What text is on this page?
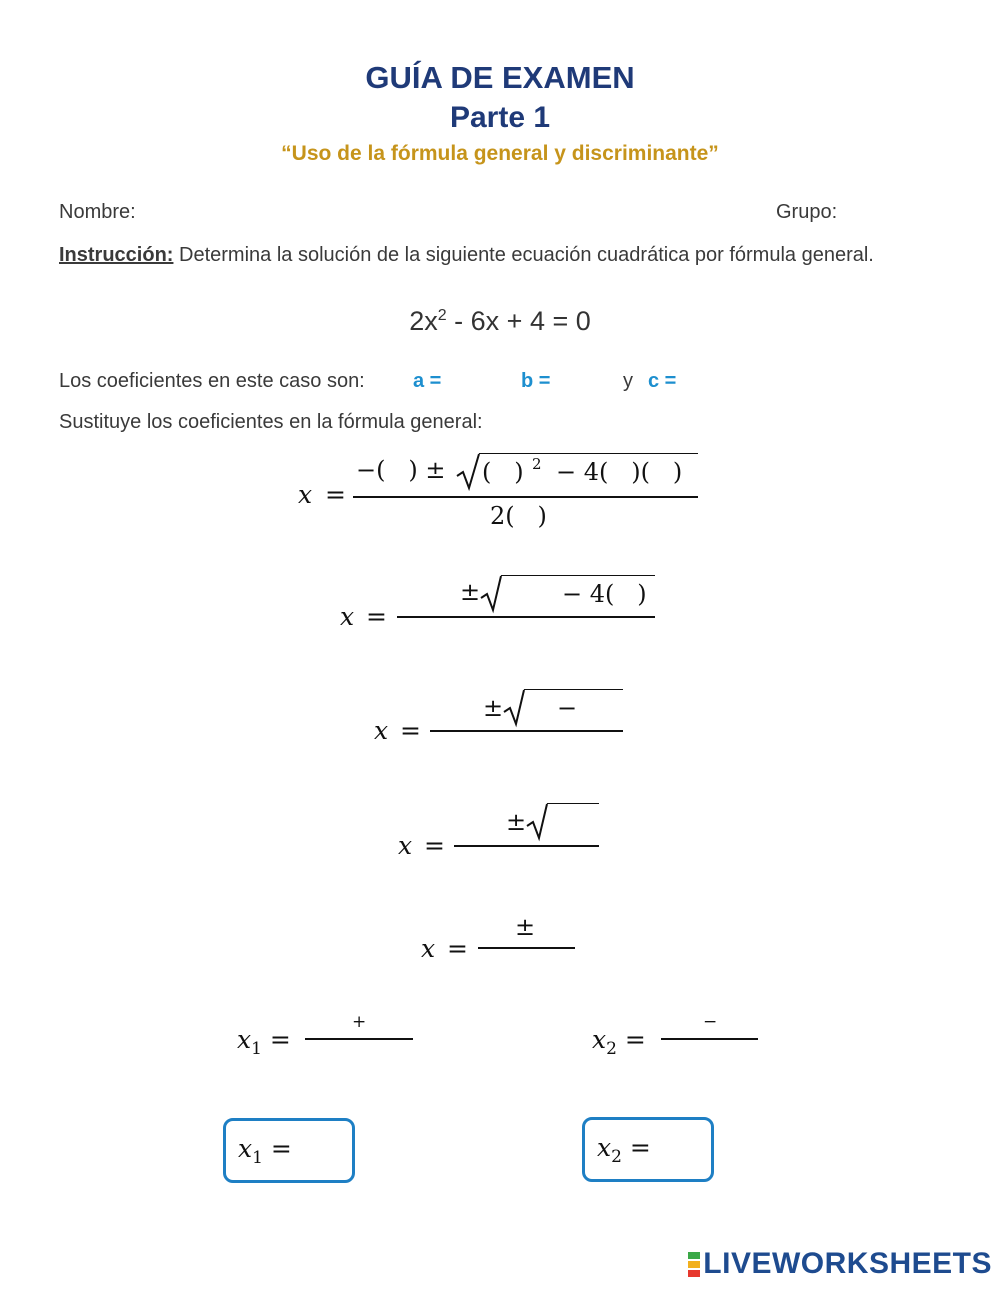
GUÍA DE EXAMEN
Parte 1
“Uso de la fórmula general y discriminante”
Nombre:	Grupo:
Instrucción: Determina la solución de la siguiente ecuación cuadrática por fórmula general.
$2x^2 - 6x + 4 = 0$
Los coeficientes en este caso son: a =	b =	y c =
Sustituye los coeficientes en la fórmula general:
x =
−(   ) ± (   ) 2 − 4(   )(   )
2(   )
x =
±	− 4(   )
x =
± −
x =
±
x =
±
$x_1$ =
+
$x_2$ =
−
$x_1$ =	$x_2$ =
LIVEWORKSHEETS
